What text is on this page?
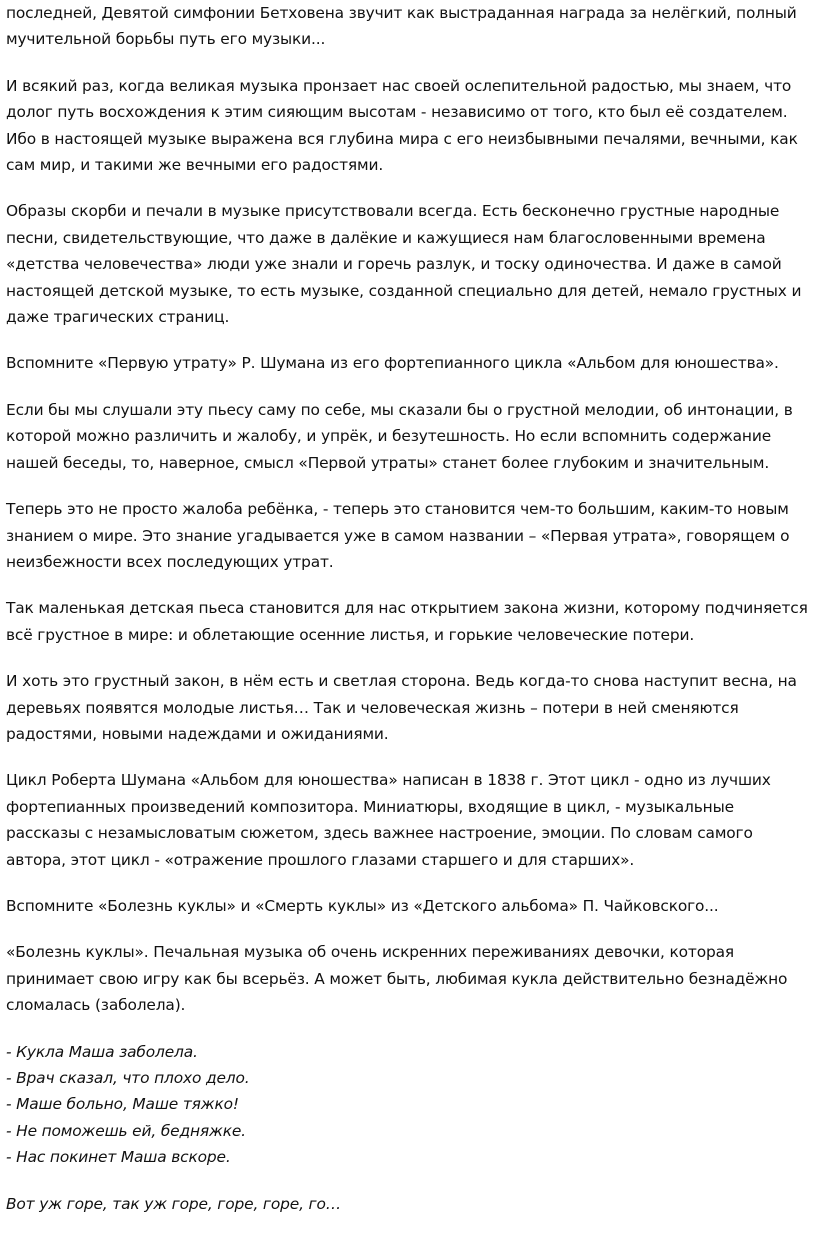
последней, Девятой симфонии Бетховена звучит как выстраданная награда за нелёгкий, полный мучительной борьбы путь его музыки...

И всякий раз, когда великая музыка пронзает нас своей ослепительной радостью, мы знаем, что долог путь восхождения к этим сияющим высотам - независимо от того, кто был её создателем. Ибо в настоящей музыке выражена вся глубина мира с его неизбывными печалями, вечными, как сам мир, и такими же вечными его радостями.

Образы скорби и печали в музыке присутствовали всегда. Есть бесконечно грустные народные песни, свидетельствующие, что даже в далёкие и кажущиеся нам благословенными времена «детства человечества» люди уже знали и горечь разлук, и тоску одиночества. И даже в самой настоящей детской музыке, то есть музыке, созданной специально для детей, немало грустных и даже трагических страниц.

Вспомните «Первую утрату» Р. Шумана из его фортепианного цикла «Альбом для юношества».

Если бы мы слушали эту пьесу саму по себе, мы сказали бы о грустной мелодии, об интонации, в которой можно различить и жалобу, и упрёк, и безутешность. Но если вспомнить содержание нашей беседы, то, наверное, смысл «Первой утраты» станет более глубоким и значительным.

Теперь это не просто жалоба ребёнка, - теперь это становится чем-то большим, каким-то новым знанием о мире. Это знание угадывается уже в самом названии – «Первая утрата», говорящем о неизбежности всех последующих утрат.

Так маленькая детская пьеса становится для нас открытием закона жизни, которому подчиняется всё грустное в мире: и облетающие осенние листья, и горькие человеческие потери.

И хоть это грустный закон, в нём есть и светлая сторона. Ведь когда-то снова наступит весна, на деревьях появятся молодые листья… Так и человеческая жизнь – потери в ней сменяются радостями, новыми надеждами и ожиданиями.

Цикл Роберта Шумана «Альбом для юношества» написан в 1838 г. Этот цикл - одно из лучших фортепианных произведений композитора. Миниатюры, входящие в цикл, - музыкальные рассказы с незамысловатым сюжетом, здесь важнее настроение, эмоции. По словам самого автора, этот цикл - «отражение прошлого глазами старшего и для старших».

Вспомните «Болезнь куклы» и «Смерть куклы» из «Детского альбома» П. Чайковского...

«Болезнь куклы». Печальная музыка об очень искренних переживаниях девочки, которая принимает свою игру как бы всерьёз. А может быть, любимая кукла действительно безнадёжно сломалась (заболела).

- Кукла Маша заболела.
- Врач сказал, что плохо дело.
- Маше больно, Маше тяжко!
- Не поможешь ей, бедняжке.
- Нас покинет Маша вскоре.

Вот уж горе, так уж горе, горе, горе, го…
